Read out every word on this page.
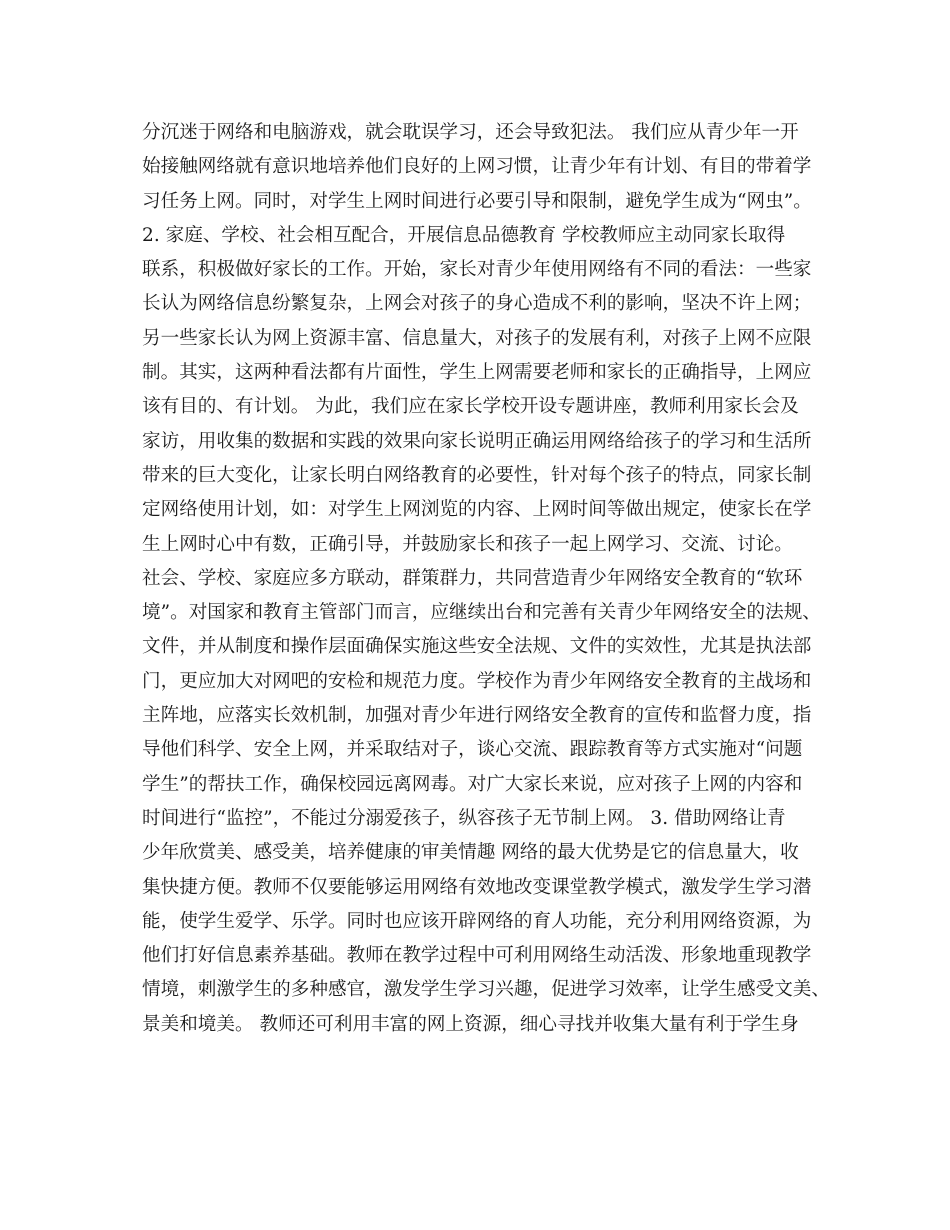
分沉迷于网络和电脑游戏，就会耽误学习，还会导致犯法。 我们应从青少年一开
始接触网络就有意识地培养他们良好的上网习惯，让青少年有计划、有目的带着学
习任务上网。同时，对学生上网时间进行必要引导和限制，避免学生成为“网虫”。
2. 家庭、学校、社会相互配合，开展信息品德教育 学校教师应主动同家长取得
联系，积极做好家长的工作。开始，家长对青少年使用网络有不同的看法：一些家
长认为网络信息纷繁复杂，上网会对孩子的身心造成不利的影响，坚决不许上网；
另一些家长认为网上资源丰富、信息量大，对孩子的发展有利，对孩子上网不应限
制。其实，这两种看法都有片面性，学生上网需要老师和家长的正确指导，上网应
该有目的、有计划。 为此，我们应在家长学校开设专题讲座，教师利用家长会及
家访，用收集的数据和实践的效果向家长说明正确运用网络给孩子的学习和生活所
带来的巨大变化，让家长明白网络教育的必要性，针对每个孩子的特点，同家长制
定网络使用计划，如：对学生上网浏览的内容、上网时间等做出规定，使家长在学
生上网时心中有数，正确引导，并鼓励家长和孩子一起上网学习、交流、讨论。
社会、学校、家庭应多方联动，群策群力，共同营造青少年网络安全教育的“软环
境”。对国家和教育主管部门而言，应继续出台和完善有关青少年网络安全的法规、
文件，并从制度和操作层面确保实施这些安全法规、文件的实效性，尤其是执法部
门，更应加大对网吧的安检和规范力度。学校作为青少年网络安全教育的主战场和
主阵地，应落实长效机制，加强对青少年进行网络安全教育的宣传和监督力度，指
导他们科学、安全上网，并采取结对子，谈心交流、跟踪教育等方式实施对“问题
学生”的帮扶工作，确保校园远离网毒。对广大家长来说，应对孩子上网的内容和
时间进行“监控”，不能过分溺爱孩子，纵容孩子无节制上网。 3. 借助网络让青
少年欣赏美、感受美，培养健康的审美情趣 网络的最大优势是它的信息量大，收
集快捷方便。教师不仅要能够运用网络有效地改变课堂教学模式，激发学生学习潜
能，使学生爱学、乐学。同时也应该开辟网络的育人功能，充分利用网络资源，为
他们打好信息素养基础。教师在教学过程中可利用网络生动活泼、形象地重现教学
情境，刺激学生的多种感官，激发学生学习兴趣，促进学习效率，让学生感受文美、
景美和境美。 教师还可利用丰富的网上资源，细心寻找并收集大量有利于学生身
